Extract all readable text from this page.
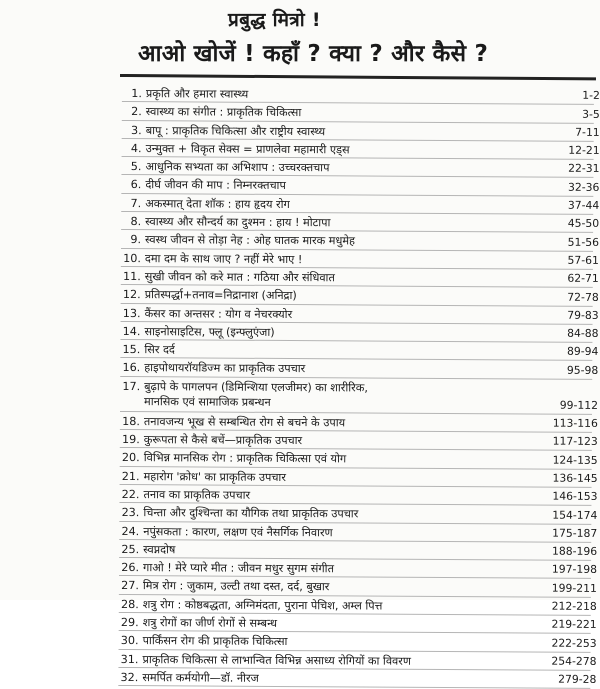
प्रबुद्ध मित्रो !
आओ खोजें ! कहाँ ? क्या ? और कैसे ?
1. प्रकृति और हमारा स्वास्थ्य	1-2
2. स्वास्थ्य का संगीत : प्राकृतिक चिकित्सा	3-5
3. बापू : प्राकृतिक चिकित्सा और राष्ट्रीय स्वास्थ्य	7-11
4. उन्मुक्त + विकृत सेक्स = प्राणलेवा महामारी एड्स	12-21
5. आधुनिक सभ्यता का अभिशाप : उच्चरक्तचाप	22-31
6. दीर्घ जीवन की माप : निम्नरक्तचाप	32-36
7. अकस्मात् देता शॉक : हाय हृदय रोग	37-44
8. स्वास्थ्य और सौन्दर्य का दुश्मन : हाय ! मोटापा	45-50
9. स्वस्थ जीवन से तोड़ा नेह : ओह घातक मारक मधुमेह	51-56
10. दमा दम के साथ जाए ? नहीं मेरे भाए !	57-61
11. सुखी जीवन को करे मात : गठिया और संधिवात	62-71
12. प्रतिस्पर्द्धा+तनाव=निद्रानाश (अनिद्रा)	72-78
13. कैंसर का अन्तसर : योग व नेचरक्योर	79-83
14. साइनोसाइटिस, फ्लू (इन्फ्लुएंजा)	84-88
15. सिर दर्द	89-94
16. हाइपोथायरॉयडिज्म का प्राकृतिक उपचार	95-98
17. बुढ़ापे के पागलपन (डिमिन्शिया एलजीमर) का शारीरिक,
मानसिक एवं सामाजिक प्रबन्धन	99-112
18. तनावजन्य भूख से सम्बन्धित रोग से बचने के उपाय	113-116
19. कुरूपता से कैसे बचें—प्राकृतिक उपचार	117-123
20. विभिन्न मानसिक रोग : प्राकृतिक चिकित्सा एवं योग	124-135
21. महारोग 'क्रोध' का प्राकृतिक उपचार	136-145
22. तनाव का प्राकृतिक उपचार	146-153
23. चिन्ता और दुश्चिन्ता का यौगिक तथा प्राकृतिक उपचार	154-174
24. नपुंसकता : कारण, लक्षण एवं नैसर्गिक निवारण	175-187
25. स्वप्नदोष	188-196
26. गाओ ! मेरे प्यारे मीत : जीवन मधुर सुगम संगीत	197-198
27. मित्र रोग : जुकाम, उल्टी तथा दस्त, दर्द, बुखार	199-211
28. शत्रु रोग : कोष्ठबद्धता, अग्निमंदता, पुराना पेचिश, अम्ल पित्त	212-218
29. शत्रु रोगों का जीर्ण रोगों से सम्बन्ध	219-221
30. पार्किंसन रोग की प्राकृतिक चिकित्सा	222-253
31. प्राकृतिक चिकित्सा से लाभान्वित विभिन्न असाध्य रोगियों का विवरण	254-278
32. समर्पित कर्मयोगी—डॉ. नीरज	279-28
